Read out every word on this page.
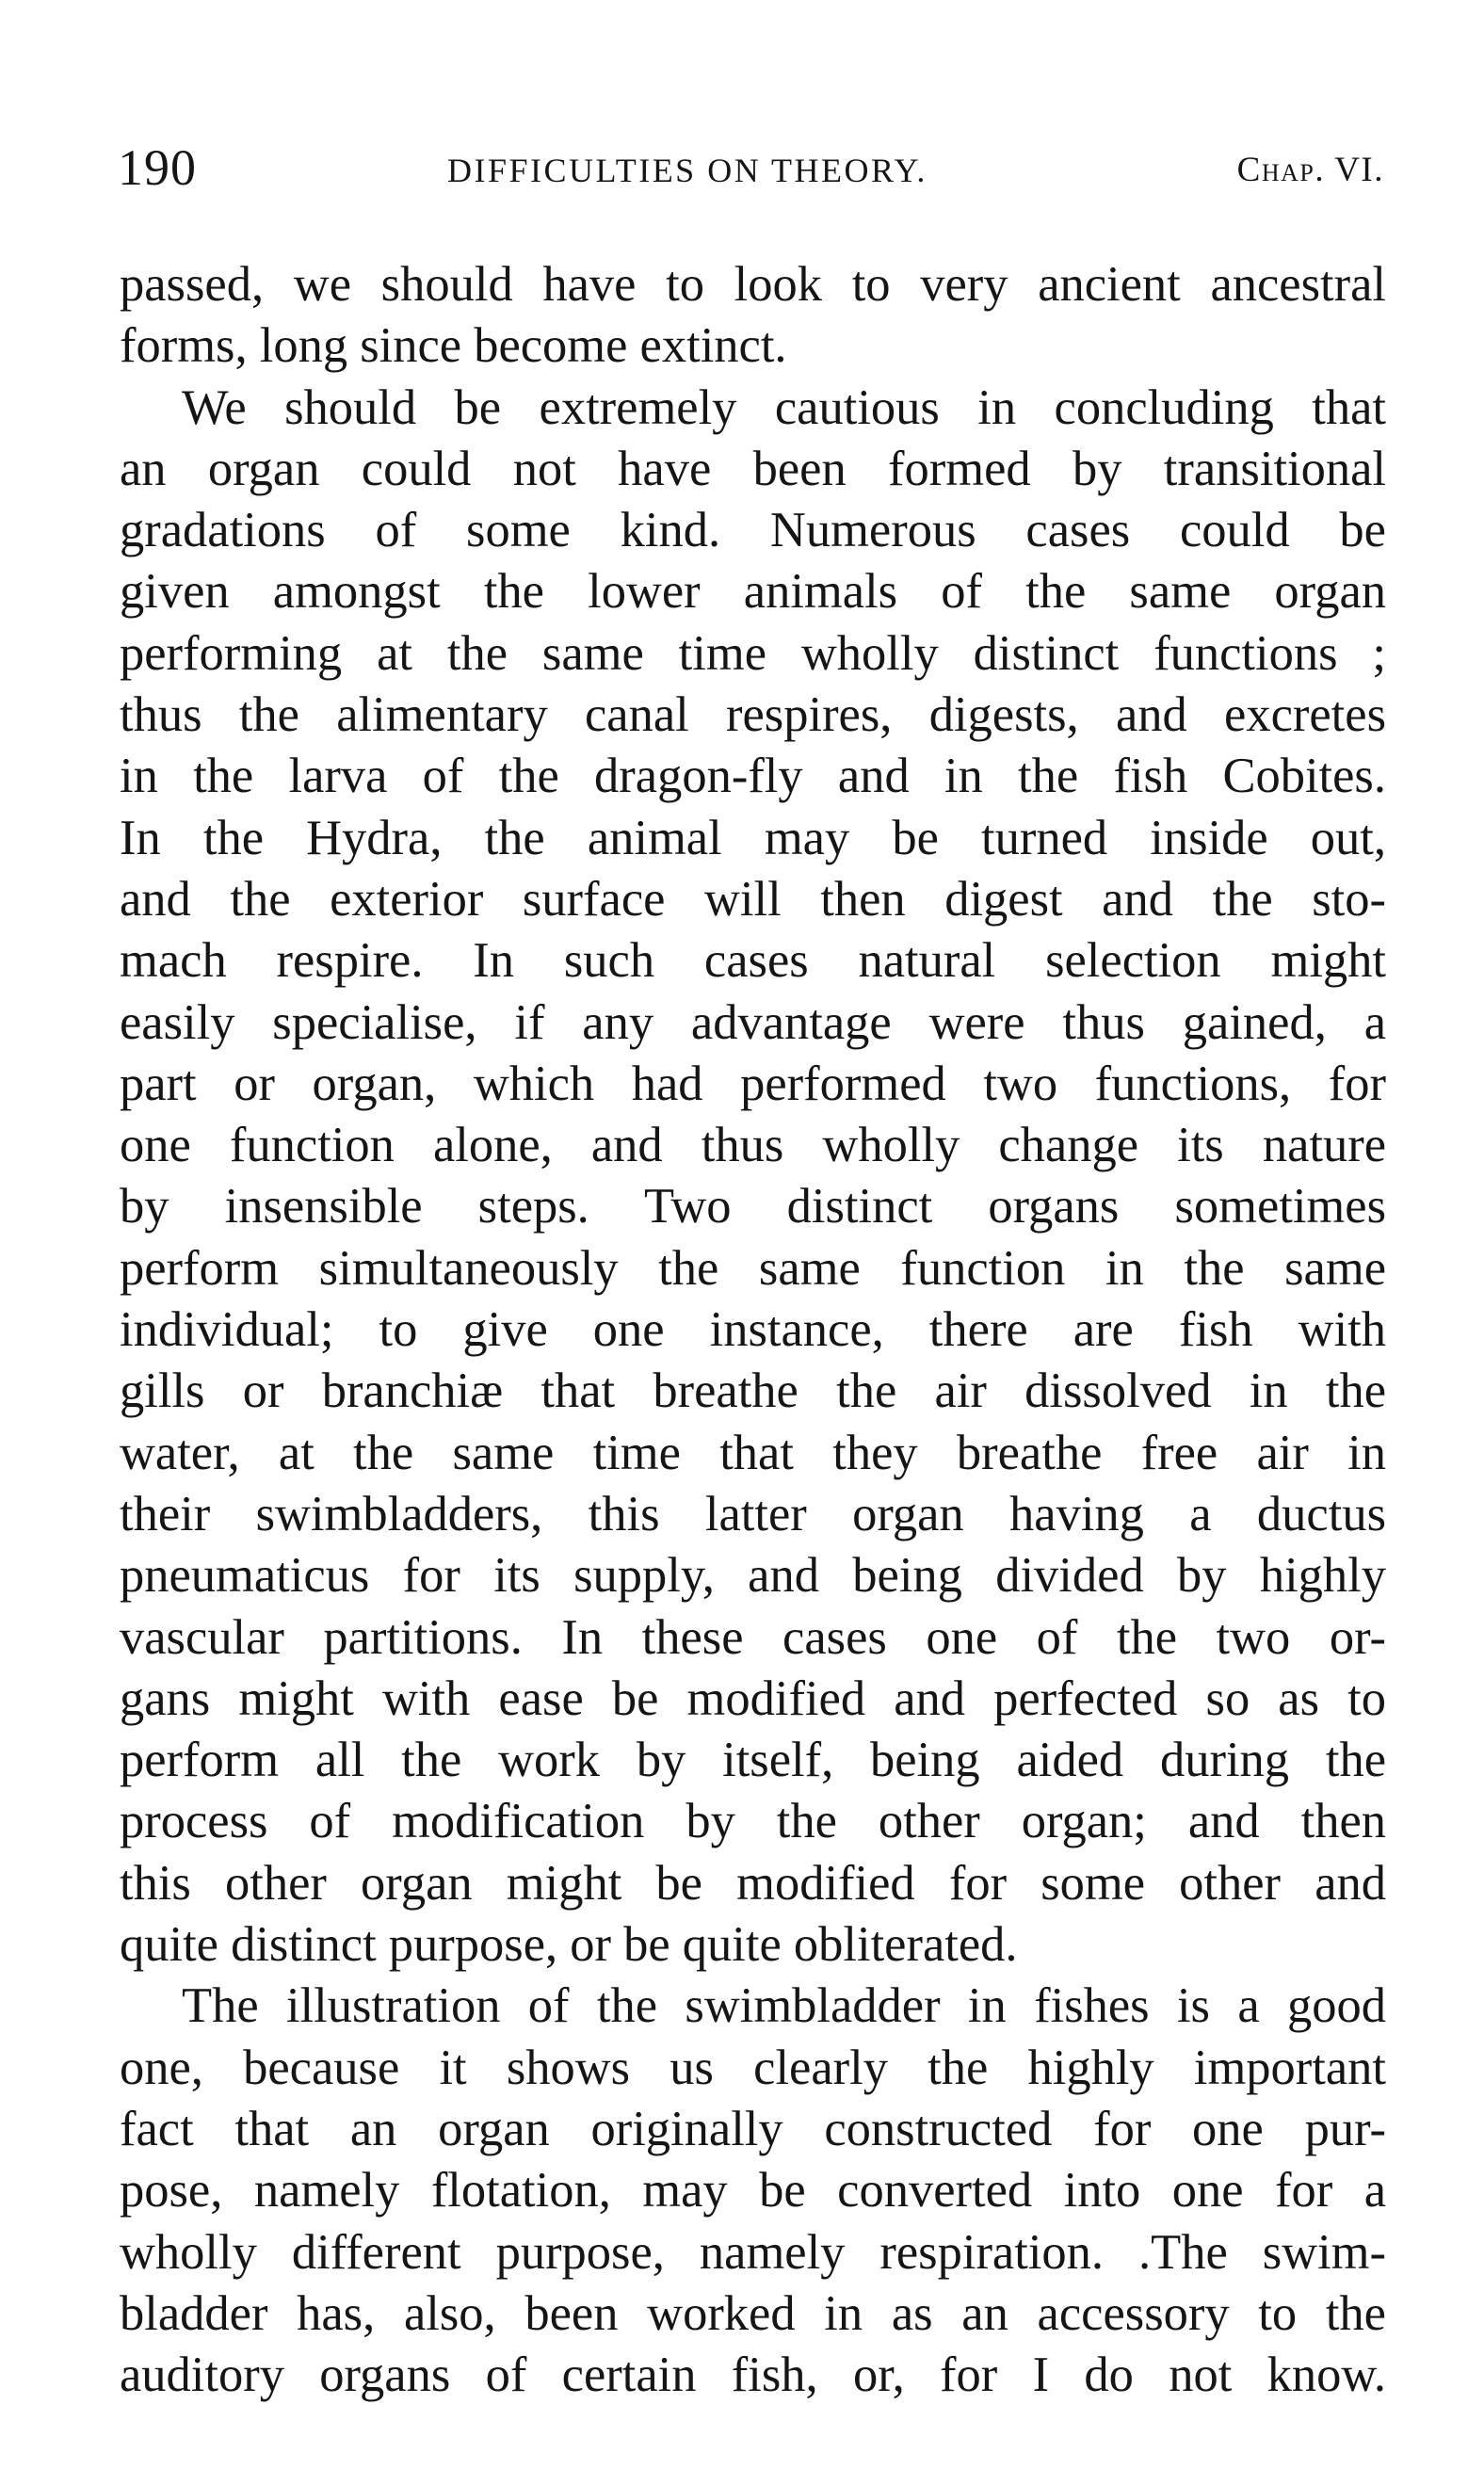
190	DIFFICULTIES ON THEORY.	Chap. VI.
passed, we should have to look to very ancient ancestral
forms, long since become extinct.
We should be extremely cautious in concluding that
an organ could not have been formed by transitional
gradations of some kind. Numerous cases could be
given amongst the lower animals of the same organ
performing at the same time wholly distinct functions ;
thus the alimentary canal respires, digests, and excretes
in the larva of the dragon-fly and in the fish Cobites.
In the Hydra, the animal may be turned inside out,
and the exterior surface will then digest and the sto-
mach respire. In such cases natural selection might
easily specialise, if any advantage were thus gained, a
part or organ, which had performed two functions, for
one function alone, and thus wholly change its nature
by insensible steps. Two distinct organs sometimes
perform simultaneously the same function in the same
individual; to give one instance, there are fish with
gills or branchiæ that breathe the air dissolved in the
water, at the same time that they breathe free air in
their swimbladders, this latter organ having a ductus
pneumaticus for its supply, and being divided by highly
vascular partitions. In these cases one of the two or-
gans might with ease be modified and perfected so as to
perform all the work by itself, being aided during the
process of modification by the other organ; and then
this other organ might be modified for some other and
quite distinct purpose, or be quite obliterated.
The illustration of the swimbladder in fishes is a good
one, because it shows us clearly the highly important
fact that an organ originally constructed for one pur-
pose, namely flotation, may be converted into one for a
wholly different purpose, namely respiration. .The swim-
bladder has, also, been worked in as an accessory to the
auditory organs of certain fish, or, for I do not know.
